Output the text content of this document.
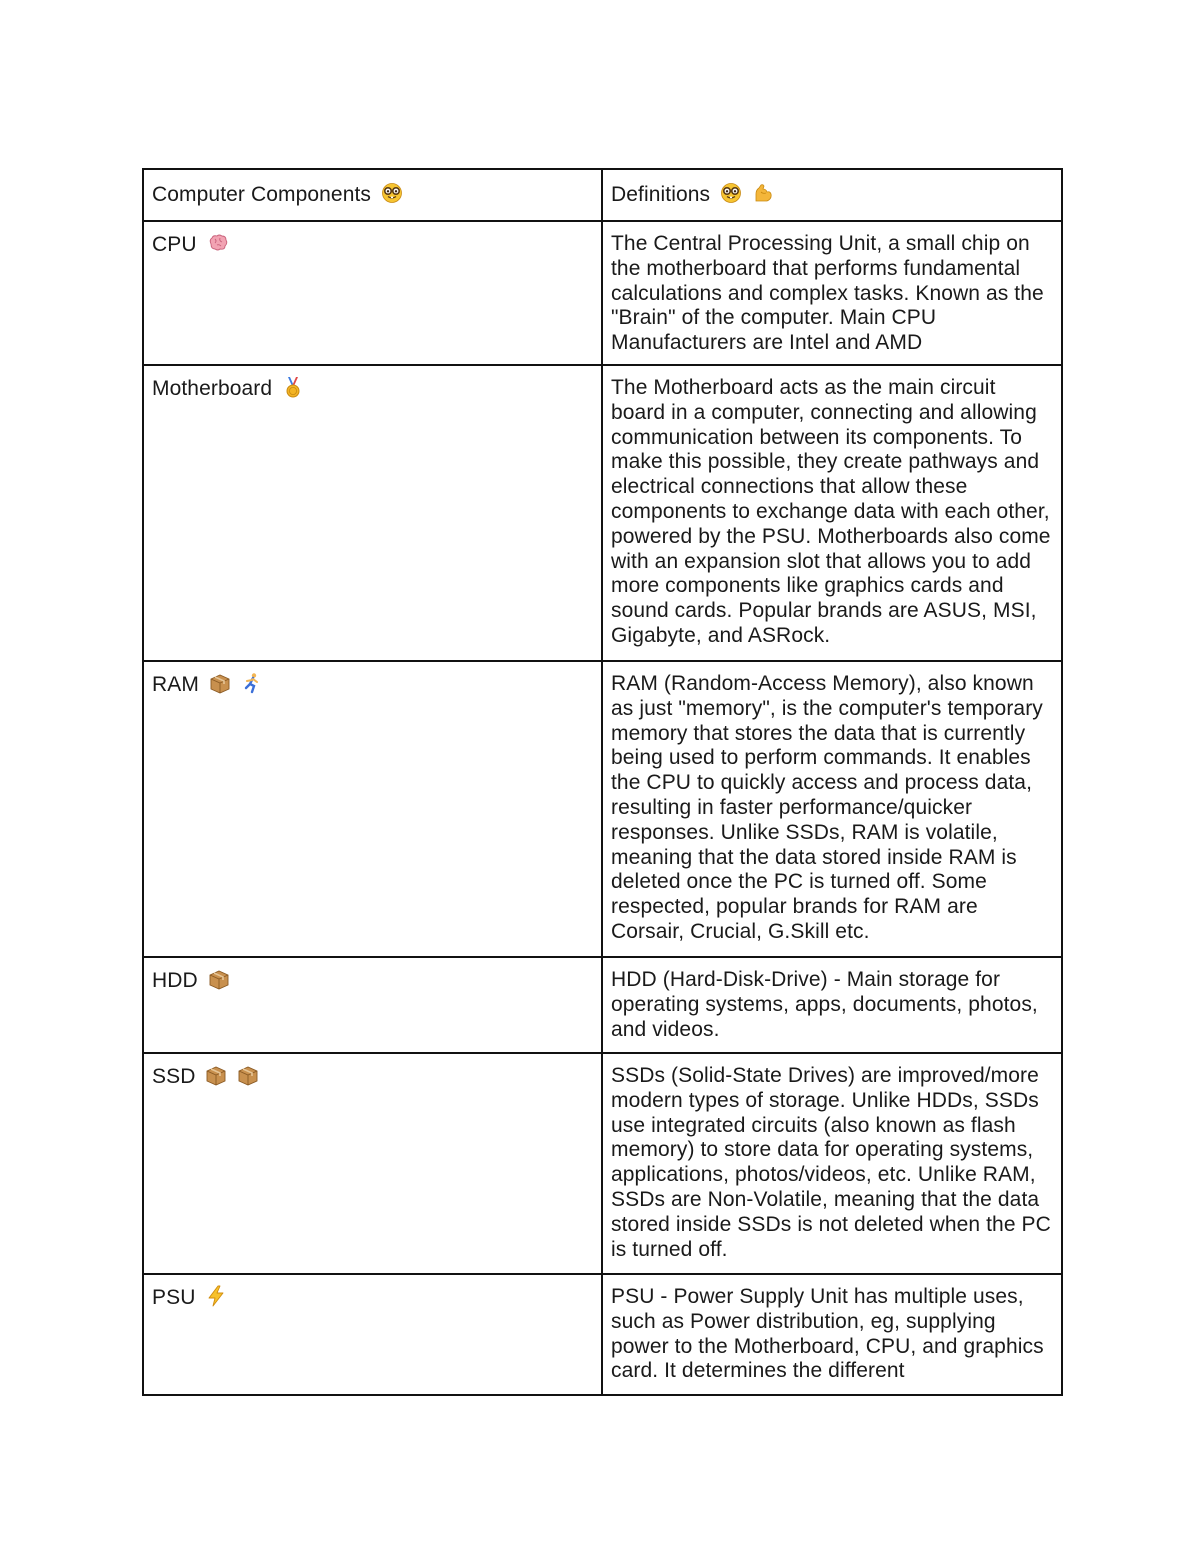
Computer Components	Definitions

CPU	The Central Processing Unit, a small chip on the motherboard that performs fundamental calculations and complex tasks. Known as the "Brain" of the computer. Main CPU Manufacturers are Intel and AMD
Motherboard	The Motherboard acts as the main circuit board in a computer, connecting and allowing communication between its components. To make this possible, they create pathways and electrical connections that allow these components to exchange data with each other, powered by the PSU. Motherboards also come with an expansion slot that allows you to add more components like graphics cards and sound cards. Popular brands are ASUS, MSI, Gigabyte, and ASRock.
RAM	RAM (Random-Access Memory), also known as just "memory", is the computer's temporary memory that stores the data that is currently being used to perform commands. It enables the CPU to quickly access and process data, resulting in faster performance/quicker responses. Unlike SSDs, RAM is volatile, meaning that the data stored inside RAM is deleted once the PC is turned off. Some respected, popular brands for RAM are Corsair, Crucial, G.Skill etc.
HDD	HDD (Hard-Disk-Drive) - Main storage for operating systems, apps, documents, photos, and videos.
SSD	SSDs (Solid-State Drives) are improved/more modern types of storage. Unlike HDDs, SSDs use integrated circuits (also known as flash memory) to store data for operating systems, applications, photos/videos, etc. Unlike RAM, SSDs are Non-Volatile, meaning that the data stored inside SSDs is not deleted when the PC is turned off.
PSU	PSU - Power Supply Unit has multiple uses, such as Power distribution, eg, supplying power to the Motherboard, CPU, and graphics card. It determines the different
